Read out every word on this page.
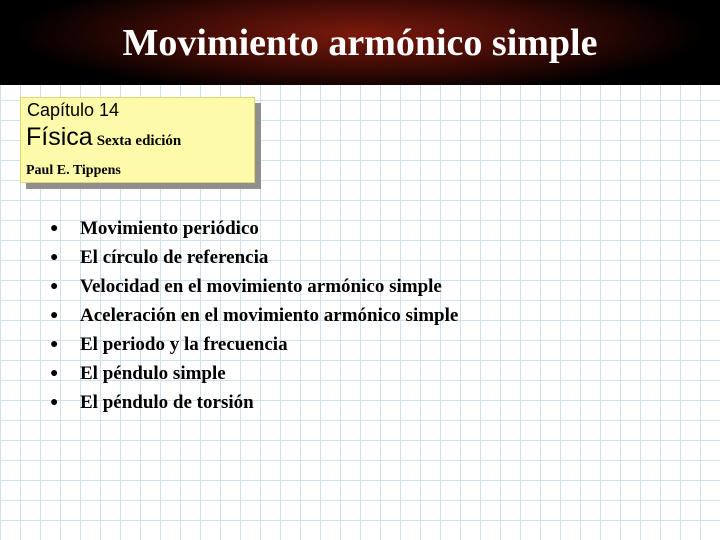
Movimiento armónico simple
Capítulo 14
Física Sexta edición
Paul E. Tippens
● Movimiento periódico
● El círculo de referencia
● Velocidad en el movimiento armónico simple
● Aceleración en el movimiento armónico simple
● El periodo y la frecuencia
● El péndulo simple
● El péndulo de torsión
